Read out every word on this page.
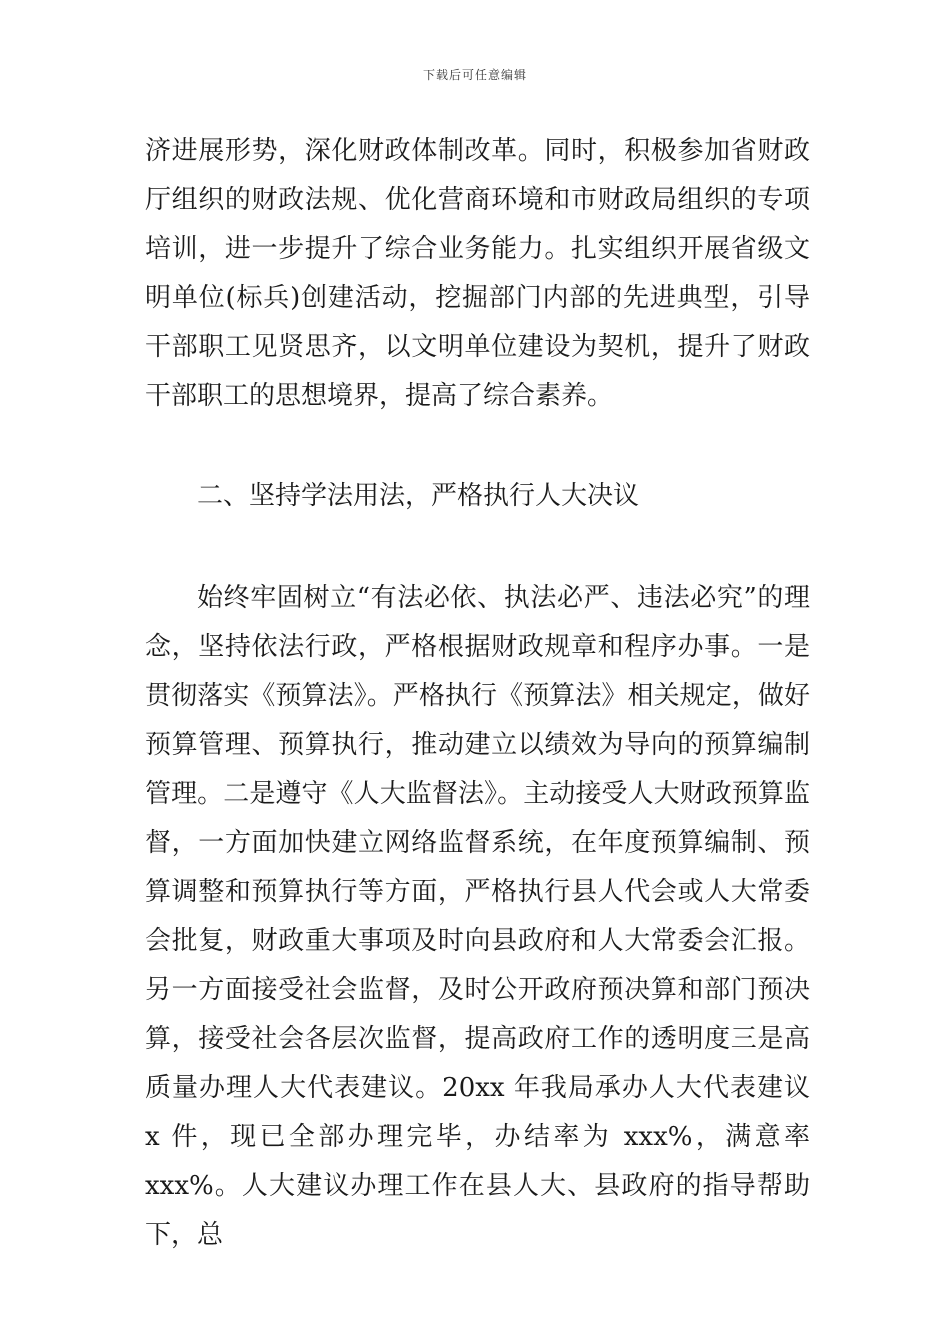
下载后可任意编辑

济进展形势，深化财政体制改革。同时，积极参加省财政厅组织的财政法规、优化营商环境和市财政局组织的专项培训，进一步提升了综合业务能力。扎实组织开展省级文明单位(标兵)创建活动，挖掘部门内部的先进典型，引导干部职工见贤思齐，以文明单位建设为契机，提升了财政干部职工的思想境界，提高了综合素养。

二、坚持学法用法，严格执行人大决议

始终牢固树立“有法必依、执法必严、违法必究”的理念，坚持依法行政，严格根据财政规章和程序办事。一是贯彻落实《预算法》。严格执行《预算法》相关规定，做好预算管理、预算执行，推动建立以绩效为导向的预算编制管理。二是遵守《人大监督法》。主动接受人大财政预算监督，一方面加快建立网络监督系统，在年度预算编制、预算调整和预算执行等方面，严格执行县人代会或人大常委会批复，财政重大事项及时向县政府和人大常委会汇报。另一方面接受社会监督，及时公开政府预决算和部门预决算，接受社会各层次监督，提高政府工作的透明度三是高质量办理人大代表建议。20xx 年我局承办人大代表建议 x 件，现已全部办理完毕，办结率为 xxx%，满意率 xxx%。人大建议办理工作在县人大、县政府的指导帮助下，总
